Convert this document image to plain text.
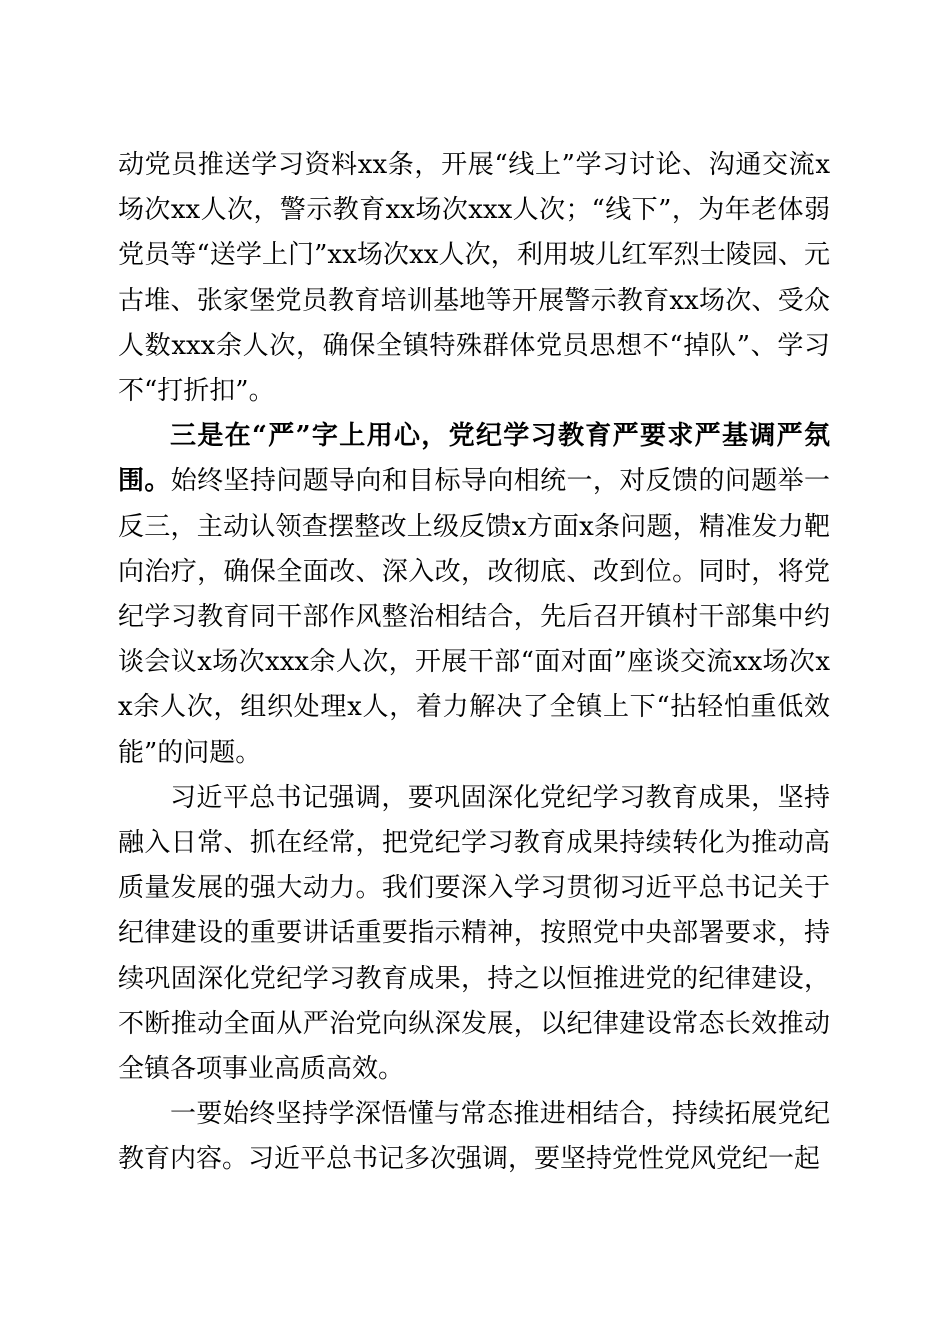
动党员推送学习资料xx条，开展“线上”学习讨论、沟通交流x场次xx人次，警示教育xx场次xxx人次；“线下”，为年老体弱党员等“送学上门”xx场次xx人次，利用坡儿红军烈士陵园、元古堆、张家堡党员教育培训基地等开展警示教育xx场次、受众人数xxx余人次，确保全镇特殊群体党员思想不“掉队”、学习不“打折扣”。

三是在“严”字上用心，党纪学习教育严要求严基调严氛围。始终坚持问题导向和目标导向相统一，对反馈的问题举一反三，主动认领查摆整改上级反馈x方面x条问题，精准发力靶向治疗，确保全面改、深入改，改彻底、改到位。同时，将党纪学习教育同干部作风整治相结合，先后召开镇村干部集中约谈会议x场次xxx余人次，开展干部“面对面”座谈交流xx场次xx余人次，组织处理x人，着力解决了全镇上下“拈轻怕重低效能”的问题。

习近平总书记强调，要巩固深化党纪学习教育成果，坚持融入日常、抓在经常，把党纪学习教育成果持续转化为推动高质量发展的强大动力。我们要深入学习贯彻习近平总书记关于纪律建设的重要讲话重要指示精神，按照党中央部署要求，持续巩固深化党纪学习教育成果，持之以恒推进党的纪律建设，不断推动全面从严治党向纵深发展，以纪律建设常态长效推动全镇各项事业高质高效。

一要始终坚持学深悟懂与常态推进相结合，持续拓展党纪教育内容。习近平总书记多次强调，要坚持党性党风党纪一起
